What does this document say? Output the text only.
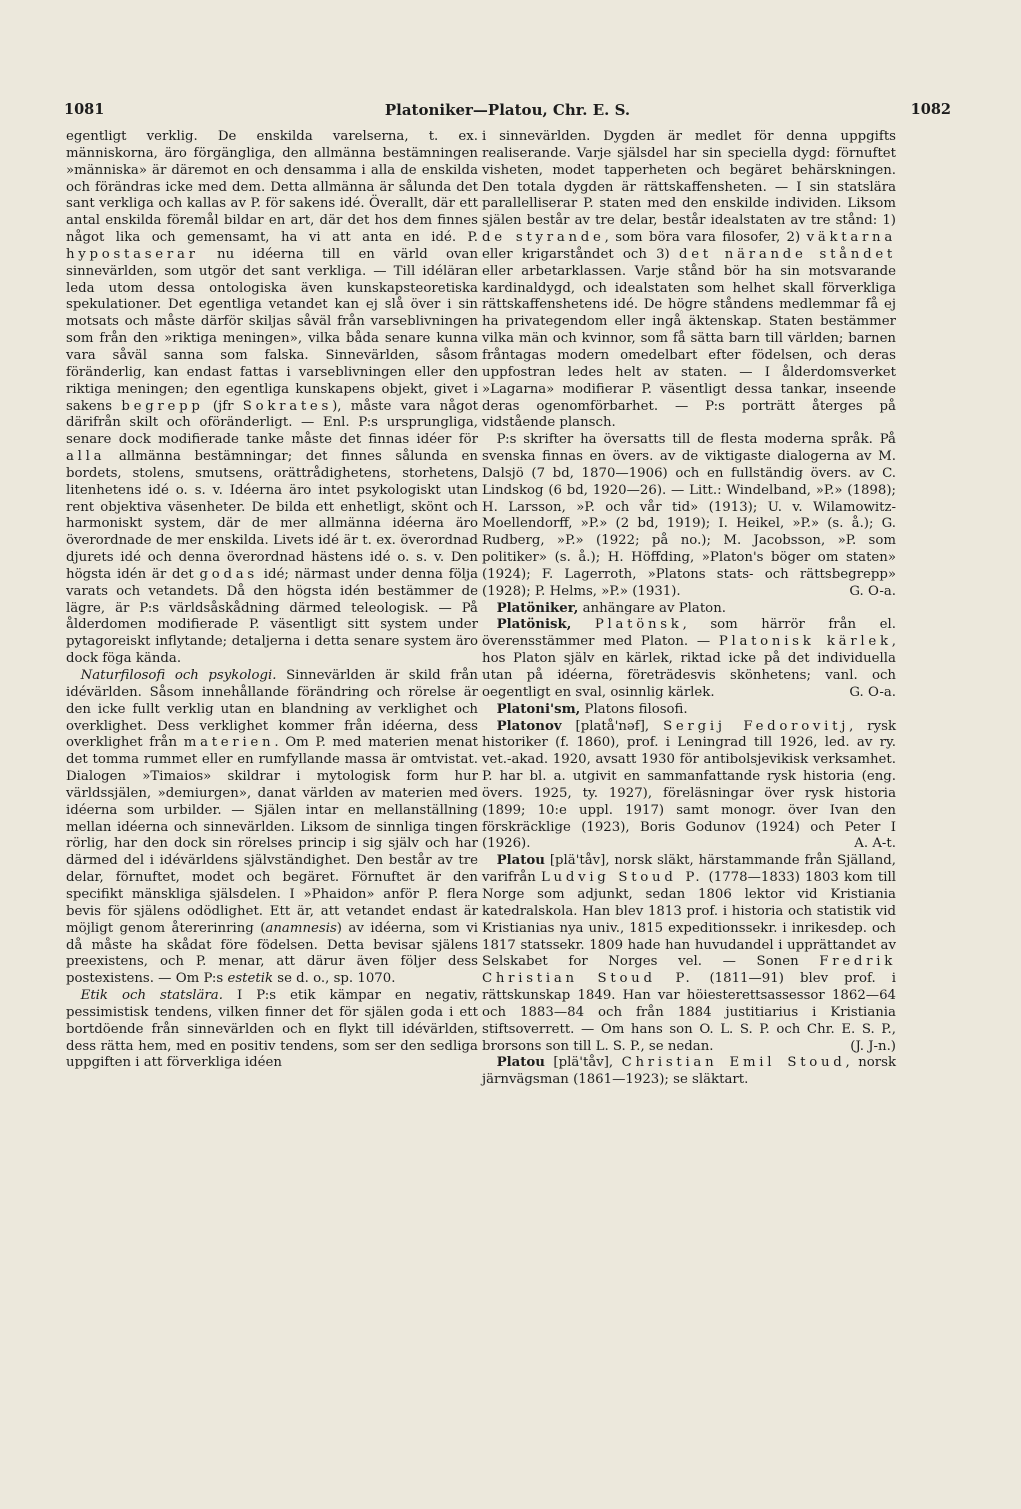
1081	Platoniker—Platou, Chr. E. S.	1082

egentligt verklig. De enskilda varelserna, t. ex. människorna, äro förgängliga, den allmänna bestämningen »människa» är däremot en och densamma i alla de enskilda och förändras icke med dem. Detta allmänna är sålunda det sant verkliga och kallas av P. för sakens idé. Överallt, där ett antal enskilda föremål bildar en art, där det hos dem finnes något lika och gemensamt, ha vi att anta en idé. P. hypostaserar nu idéerna till en värld ovan sinnevärlden, som utgör det sant verkliga. — Till idéläran leda utom dessa ontologiska även kunskapsteoretiska spekulationer. Det egentliga vetandet kan ej slå över i sin motsats och måste därför skiljas såväl från varseblivningen som från den »riktiga meningen», vilka båda senare kunna vara såväl sanna som falska. Sinnevärlden, såsom föränderlig, kan endast fattas i varseblivningen eller den riktiga meningen; den egentliga kunskapens objekt, givet i sakens begrepp (jfr Sokrates), måste vara något därifrån skilt och oföränderligt. — Enl. P:s ursprungliga, senare dock modifierade tanke måste det finnas idéer för alla allmänna bestämningar; det finnes sålunda en bordets, stolens, smutsens, orättrådighetens, storhetens, litenhetens idé o. s. v. Idéerna äro intet psykologiskt utan rent objektiva väsenheter. De bilda ett enhetligt, skönt och harmoniskt system, där de mer allmänna idéerna äro överordnade de mer enskilda. Livets idé är t. ex. överordnad djurets idé och denna överordnad hästens idé o. s. v. Den högsta idén är det godas idé; närmast under denna följa varats och vetandets. Då den högsta idén bestämmer de lägre, är P:s världsåskådning därmed teleologisk. — På ålderdomen modifierade P. väsentligt sitt system under pytagoreiskt inflytande; detaljerna i detta senare system äro dock föga kända.

Naturfilosofi och psykologi. Sinnevärlden är skild från idévärlden. Såsom innehållande förändring och rörelse är den icke fullt verklig utan en blandning av verklighet och overklighet. Dess verklighet kommer från idéerna, dess overklighet från materien. Om P. med materien menat det tomma rummet eller en rumfyllande massa är omtvistat. Dialogen »Timaios» skildrar i mytologisk form hur världssjälen, »demiurgen», danat världen av materien med idéerna som urbilder. — Själen intar en mellanställning mellan idéerna och sinnevärlden. Liksom de sinnliga tingen rörlig, har den dock sin rörelses princip i sig själv och har därmed del i idévärldens självständighet. Den består av tre delar, förnuftet, modet och begäret. Förnuftet är den specifikt mänskliga själsdelen. I »Phaidon» anför P. flera bevis för själens odödlighet. Ett är, att vetandet endast är möjligt genom återerinring (anamnesis) av idéerna, som vi då måste ha skådat före födelsen. Detta bevisar själens preexistens, och P. menar, att därur även följer dess postexistens. — Om P:s estetik se d. o., sp. 1070.

Etik och statslära. I P:s etik kämpar en negativ, pessimistisk tendens, vilken finner det för själen goda i ett bortdöende från sinnevärlden och en flykt till idévärlden, dess rätta hem, med en positiv tendens, som ser den sedliga uppgiften i att förverkliga idéen

i sinnevärlden. Dygden är medlet för denna uppgifts realiserande. Varje själsdel har sin speciella dygd: förnuftet visheten, modet tapperheten och begäret behärskningen. Den totala dygden är rättskaffensheten. — I sin statslära parallelliserar P. staten med den enskilde individen. Liksom själen består av tre delar, består idealstaten av tre stånd: 1) de styrande, som böra vara filosofer, 2) väktarna eller krigarståndet och 3) det närande ståndet eller arbetarklassen. Varje stånd bör ha sin motsvarande kardinaldygd, och idealstaten som helhet skall förverkliga rättskaffenshetens idé. De högre ståndens medlemmar få ej ha privategendom eller ingå äktenskap. Staten bestämmer vilka män och kvinnor, som få sätta barn till världen; barnen fråntagas modern omedelbart efter födelsen, och deras uppfostran ledes helt av staten. — I ålderdomsverket »Lagarna» modifierar P. väsentligt dessa tankar, inseende deras ogenomförbarhet. — P:s porträtt återges på vidstående plansch.

P:s skrifter ha översatts till de flesta moderna språk. På svenska finnas en övers. av de viktigaste dialogerna av M. Dalsjö (7 bd, 1870—1906) och en fullständig övers. av C. Lindskog (6 bd, 1920—26). — Litt.: Windelband, »P.» (1898); H. Larsson, »P. och vår tid» (1913); U. v. Wilamowitz-Moellendorff, »P.» (2 bd, 1919); I. Heikel, »P.» (s. å.); G. Rudberg, »P.» (1922; på no.); M. Jacobsson, »P. som politiker» (s. å.); H. Höffding, »Platon's böger om staten» (1924); F. Lagerroth, »Platons stats- och rättsbegrepp» (1928); P. Helms, »P.» (1931).	G. O-a.

Platöniker, anhängare av Platon.

Platönisk, Platönsk, som härrör från el. överensstämmer med Platon. — Platonisk kärlek, hos Platon själv en kärlek, riktad icke på det individuella utan på idéerna, företrädesvis skönhetens; vanl. och oegentligt en sval, osinnlig kärlek.	G. O-a.

Platoni'sm, Platons filosofi.

Platonov [platå'nəf], Sergij Fedorovitj, rysk historiker (f. 1860), prof. i Leningrad till 1926, led. av ry. vet.-akad. 1920, avsatt 1930 för antibolsjevikisk verksamhet. P. har bl. a. utgivit en sammanfattande rysk historia (eng. övers. 1925, ty. 1927), föreläsningar över rysk historia (1899; 10:e uppl. 1917) samt monogr. över Ivan den förskräcklige (1923), Boris Godunov (1924) och Peter I (1926).	A. A-t.

Platou [plä'tåv], norsk släkt, härstammande från Själland, varifrån Ludvig Stoud P. (1778—1833) 1803 kom till Norge som adjunkt, sedan 1806 lektor vid Kristiania katedralskola. Han blev 1813 prof. i historia och statistik vid Kristianias nya univ., 1815 expeditionssekr. i inrikesdep. och 1817 statssekr. 1809 hade han huvudandel i upprättandet av Selskabet for Norges vel. — Sonen Fredrik Christian Stoud P. (1811—91) blev prof. i rättskunskap 1849. Han var höiesterettsassessor 1862—64 och 1883—84 och från 1884 justitiarius i Kristiania stiftsoverrett. — Om hans son O. L. S. P. och Chr. E. S. P., brorsons son till L. S. P., se nedan.	(J. J-n.)

Platou [plä'tåv], Christian Emil Stoud, norsk järnvägsman (1861—1923); se släktart.
